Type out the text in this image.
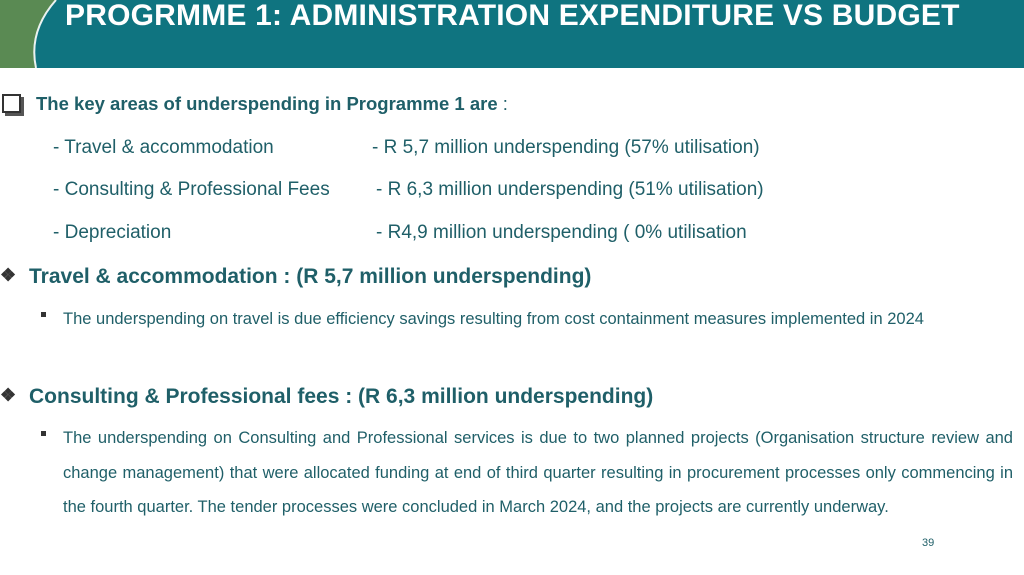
PROGRMME 1: ADMINISTRATION EXPENDITURE VS BUDGET
The key areas of underspending in Programme 1 are :
- Travel & accommodation	- R 5,7 million underspending (57% utilisation)
- Consulting & Professional Fees - R 6,3 million underspending (51% utilisation)
- Depreciation	- R4,9 million underspending ( 0% utilisation
❖ Travel & accommodation : (R 5,7 million underspending)
The underspending on travel is due efficiency savings resulting from cost containment measures implemented in 2024
❖ Consulting & Professional fees : (R 6,3 million underspending)
The underspending on Consulting and Professional services is due to two planned projects (Organisation structure review and change management) that were allocated funding at end of third quarter resulting in procurement processes only commencing in the fourth quarter. The tender processes were concluded in March 2024, and the projects are currently underway.
39
